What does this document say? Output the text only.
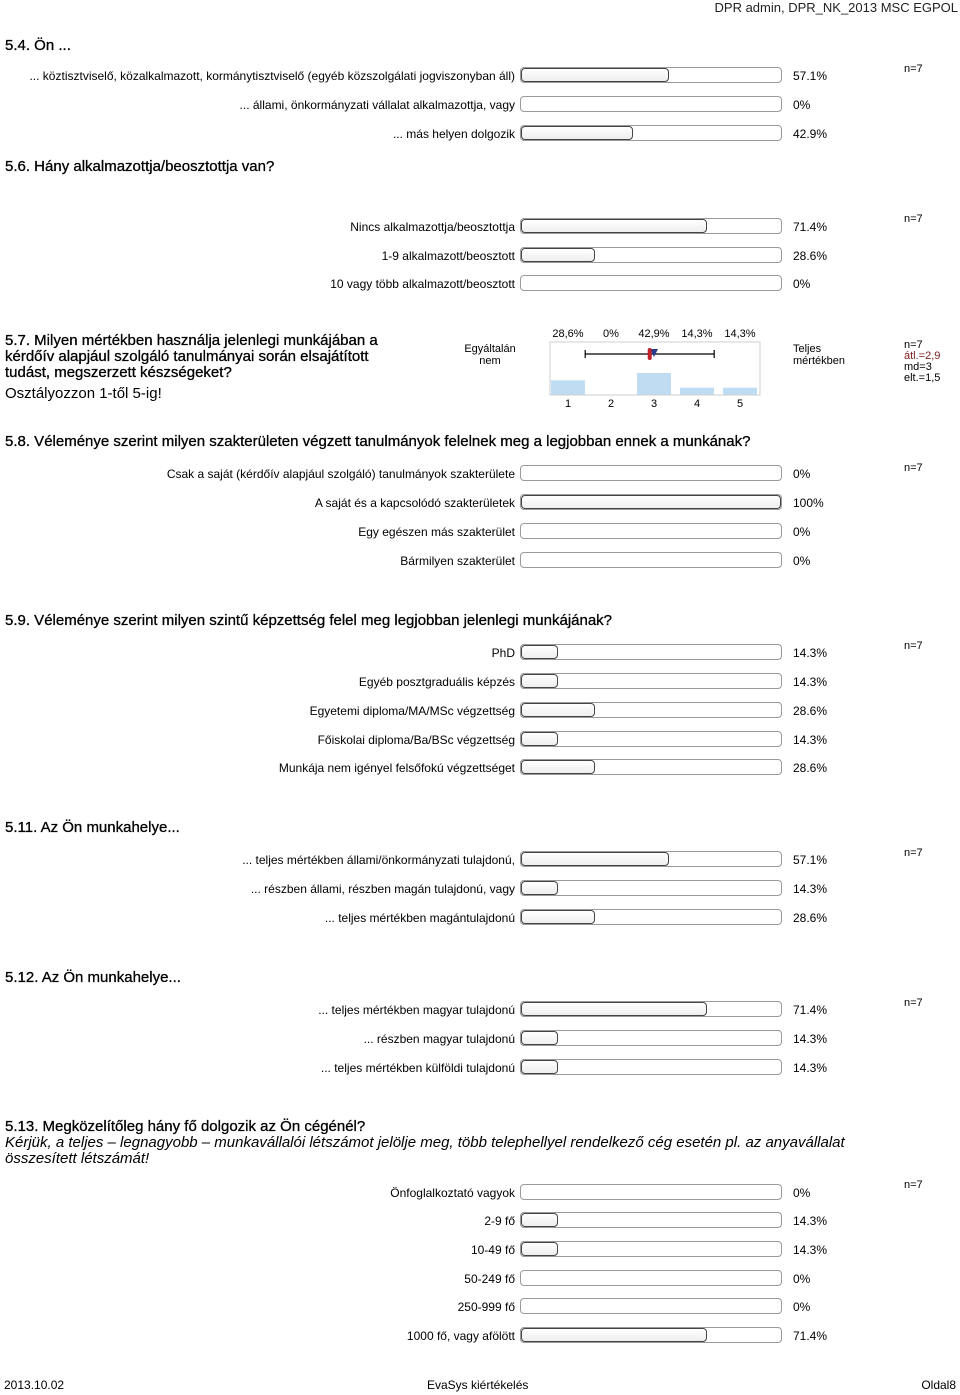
DPR admin, DPR_NK_2013 MSC EGPOL
5.4. Ön ...
n=7
... köztisztviselő, közalkalmazott, kormánytisztviselő (egyéb közszolgálati jogviszonyban áll)	57.1%
... állami, önkormányzati vállalat alkalmazottja, vagy	0%
... más helyen dolgozik	42.9%
5.6. Hány alkalmazottja/beosztottja van?
n=7
Nincs alkalmazottja/beosztottja	71.4%
1-9 alkalmazott/beosztott	28.6%
10 vagy több alkalmazott/beosztott	0%
5.8. Véleménye szerint milyen szakterületen végzett tanulmányok felelnek meg a legjobban ennek a munkának?
n=7
Csak a saját (kérdőív alapjául szolgáló) tanulmányok szakterülete	0%
A saját és a kapcsolódó szakterületek	100%
Egy egészen más szakterület	0%
Bármilyen szakterület	0%
5.9. Véleménye szerint milyen szintű képzettség felel meg legjobban jelenlegi munkájának?
n=7
PhD	14.3%
Egyéb posztgraduális képzés	14.3%
Egyetemi diploma/MA/MSc végzettség	28.6%
Főiskolai diploma/Ba/BSc végzettség	14.3%
Munkája nem igényel felsőfokú végzettséget	28.6%
5.11. Az Ön munkahelye...
n=7
... teljes mértékben állami/önkormányzati tulajdonú,	57.1%
... részben állami, részben magán tulajdonú, vagy	14.3%
... teljes mértékben magántulajdonú	28.6%
5.12. Az Ön munkahelye...
n=7
... teljes mértékben magyar tulajdonú	71.4%
... részben magyar tulajdonú	14.3%
... teljes mértékben külföldi tulajdonú	14.3%
5.13. Megközelítőleg hány fő dolgozik az Ön cégénél?
Kérjük, a teljes – legnagyobb – munkavállalói létszámot jelölje meg, több telephellyel rendelkező cég esetén pl. az anyavállalat összesített létszámát!
n=7
Önfoglalkoztató vagyok	0%
2-9 fő	14.3%
10-49 fő	14.3%
50-249 fő	0%
250-999 fő	0%
1000 fő, vagy afölött	71.4%
5.7. Milyen mértékben használja jelenlegi munkájában a kérdőív alapjául szolgáló tanulmányai során elsajátított tudást, megszerzett készségeket?
Osztályozzon 1-től 5-ig!
Egyáltalán nem
Teljes mértékben
28,6%
1
0%
2
42,9%
3
14,3%
4
14,3%
5
n=7
átl.=2,9
md=3
elt.=1,5
2013.10.02	EvaSys kiértékelés	Oldal8
